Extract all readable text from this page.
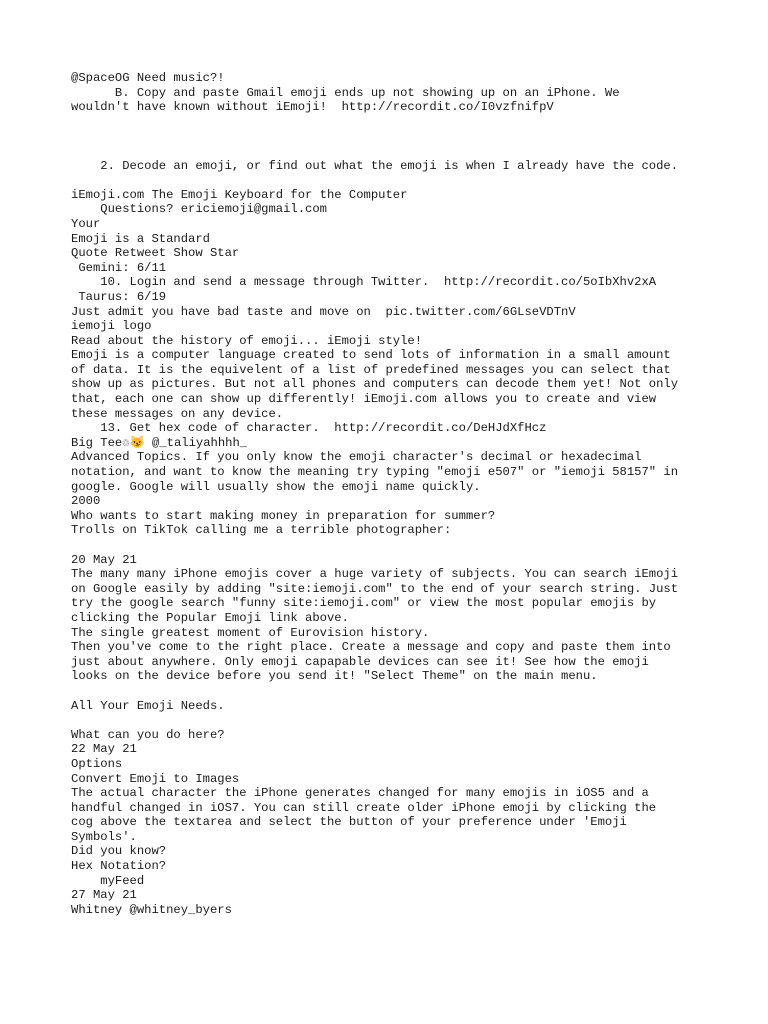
@SpaceOG Need music?!
B. Copy and paste Gmail emoji ends up not showing up on an iPhone. We
wouldn't have known without iEmoji!  http://recordit.co/I0vzfnifpV
2. Decode an emoji, or find out what the emoji is when I already have the code.
iEmoji.com The Emoji Keyboard for the Computer
Questions? ericiemoji@gmail.com
Your
Emoji is a Standard
Quote Retweet Show Star
Gemini: 6/11
10. Login and send a message through Twitter.  http://recordit.co/5oIbXhv2xA
Taurus: 6/19
Just admit you have bad taste and move on  pic.twitter.com/6GLseVDTnV
iemoji logo
Read about the history of emoji... iEmoji style!
Emoji is a computer language created to send lots of information in a small amount
of data. It is the equivelent of a list of predefined messages you can select that
show up as pictures. But not all phones and computers can decode them yet! Not only
that, each one can show up differently! iEmoji.com allows you to create and view
these messages on any device.
13. Get hex code of character.  http://recordit.co/DeHJdXfHcz
Big Tee♲😼 @_taliyahhhh_
Advanced Topics. If you only know the emoji character's decimal or hexadecimal
notation, and want to know the meaning try typing "emoji e507" or "iemoji 58157" in
google. Google will usually show the emoji name quickly.
2000
Who wants to start making money in preparation for summer?
Trolls on TikTok calling me a terrible photographer:
20 May 21
The many many iPhone emojis cover a huge variety of subjects. You can search iEmoji
on Google easily by adding "site:iemoji.com" to the end of your search string. Just
try the google search "funny site:iemoji.com" or view the most popular emojis by
clicking the Popular Emoji link above.
The single greatest moment of Eurovision history.
Then you've come to the right place. Create a message and copy and paste them into
just about anywhere. Only emoji capapable devices can see it! See how the emoji
looks on the device before you send it! "Select Theme" on the main menu.
All Your Emoji Needs.
What can you do here?
22 May 21
Options
Convert Emoji to Images
The actual character the iPhone generates changed for many emojis in iOS5 and a
handful changed in iOS7. You can still create older iPhone emoji by clicking the
cog above the textarea and select the button of your preference under 'Emoji
Symbols'.
Did you know?
Hex Notation?
myFeed
27 May 21
Whitney @whitney_byers
